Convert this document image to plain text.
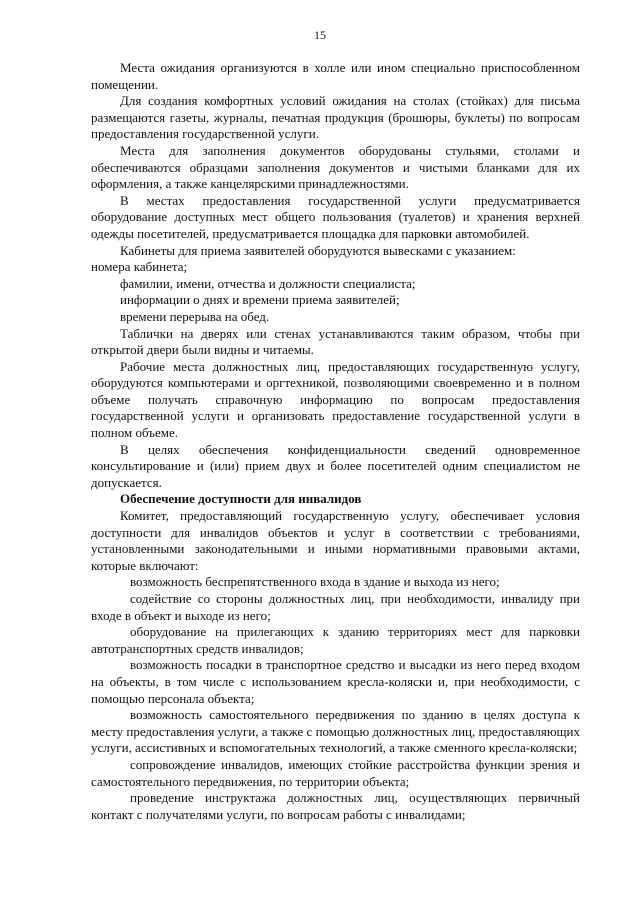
15

Места ожидания организуются в холле или ином специально приспособленном помещении.

Для создания комфортных условий ожидания на столах (стойках) для письма размещаются газеты, журналы, печатная продукция (брошюры, буклеты) по вопросам предоставления государственной услуги.

Места для заполнения документов оборудованы стульями, столами и обеспечиваются образцами заполнения документов и чистыми бланками для их оформления, а также канцелярскими принадлежностями.

В местах предоставления государственной услуги предусматривается оборудование доступных мест общего пользования (туалетов) и хранения верхней одежды посетителей, предусматривается площадка для парковки автомобилей.

Кабинеты для приема заявителей оборудуются вывесками с указанием:

номера кабинета;

фамилии, имени, отчества и должности специалиста;

информации о днях и времени приема заявителей;

времени перерыва на обед.

Таблички на дверях или стенах устанавливаются таким образом, чтобы при открытой двери были видны и читаемы.

Рабочие места должностных лиц, предоставляющих государственную услугу, оборудуются компьютерами и оргтехникой, позволяющими своевременно и в полном объеме получать справочную информацию по вопросам предоставления государственной услуги и организовать предоставление государственной услуги в полном объеме.

В целях обеспечения конфиденциальности сведений одновременное консультирование и (или) прием двух и более посетителей одним специалистом не допускается.

Обеспечение доступности для инвалидов

Комитет, предоставляющий государственную услугу, обеспечивает условия доступности для инвалидов объектов и услуг в соответствии с требованиями, установленными законодательными и иными нормативными правовыми актами, которые включают:

возможность беспрепятственного входа в здание и выхода из него;

содействие со стороны должностных лиц, при необходимости, инвалиду при входе в объект и выходе из него;

оборудование на прилегающих к зданию территориях мест для парковки автотранспортных средств инвалидов;

возможность посадки в транспортное средство и высадки из него перед входом на объекты, в том числе с использованием кресла-коляски и, при необходимости, с помощью персонала объекта;

возможность самостоятельного передвижения по зданию в целях доступа к месту предоставления услуги, а также с помощью должностных лиц, предоставляющих услуги, ассистивных и вспомогательных технологий, а также сменного кресла-коляски;

сопровождение инвалидов, имеющих стойкие расстройства функции зрения и самостоятельного передвижения, по территории объекта;

проведение инструктажа должностных лиц, осуществляющих первичный контакт с получателями услуги, по вопросам работы с инвалидами;
